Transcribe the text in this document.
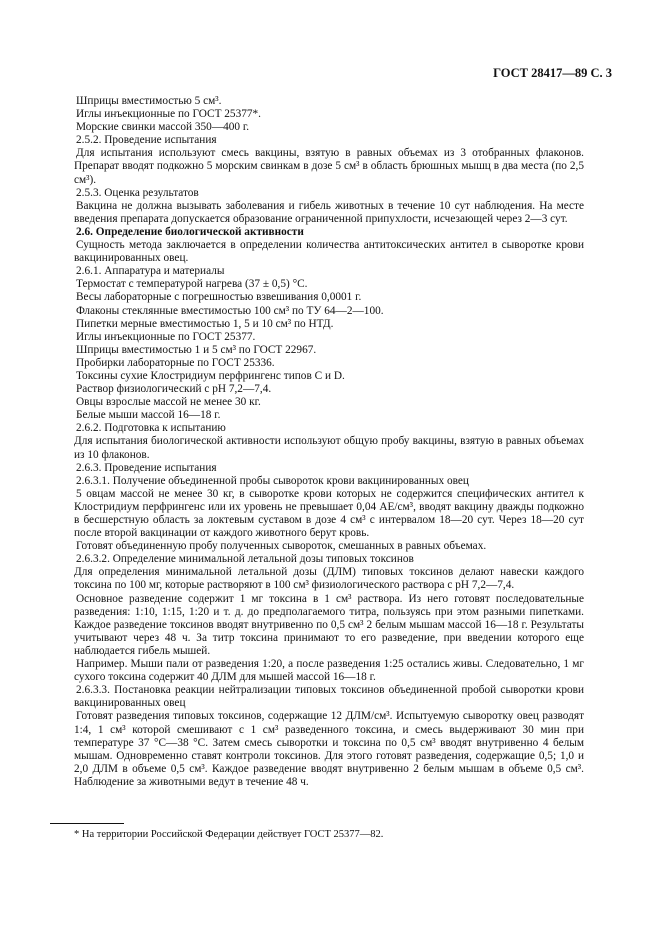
ГОСТ 28417—89 С. 3

Шприцы вместимостью 5 см³.

Иглы инъекционные по ГОСТ 25377*.

Морские свинки массой 350—400 г.

2.5.2. Проведение испытания

Для испытания используют смесь вакцины, взятую в равных объемах из 3 отобранных флаконов. Препарат вводят подкожно 5 морским свинкам в дозе 5 см³ в область брюшных мышц в два места (по 2,5 см³).

2.5.3. Оценка результатов

Вакцина не должна вызывать заболевания и гибель животных в течение 10 сут наблюдения. На месте введения препарата допускается образование ограниченной припухлости, исчезающей через 2—3 сут.

2.6. Определение биологической активности

Сущность метода заключается в определении количества антитоксических антител в сыворотке крови вакцинированных овец.

2.6.1. Аппаратура и материалы

Термостат с температурой нагрева (37 ± 0,5) °С.

Весы лабораторные с погрешностью взвешивания 0,0001 г.

Флаконы стеклянные вместимостью 100 см³ по ТУ 64—2—100.

Пипетки мерные вместимостью 1, 5 и 10 см³ по НТД.

Иглы инъекционные по ГОСТ 25377.

Шприцы вместимостью 1 и 5 см³ по ГОСТ 22967.

Пробирки лабораторные по ГОСТ 25336.

Токсины сухие Клостридиум перфрингенс типов С и D.

Раствор физиологический с pH 7,2—7,4.

Овцы взрослые массой не менее 30 кг.

Белые мыши массой 16—18 г.

2.6.2. Подготовка к испытанию

Для испытания биологической активности используют общую пробу вакцины, взятую в равных объемах из 10 флаконов.

2.6.3. Проведение испытания

2.6.3.1. Получение объединенной пробы сывороток крови вакцинированных овец

5 овцам массой не менее 30 кг, в сыворотке крови которых не содержится специфических антител к Клостридиум перфрингенс или их уровень не превышает 0,04 АЕ/см³, вводят вакцину дважды подкожно в бесшерстную область за локтевым суставом в дозе 4 см³ с интервалом 18—20 сут. Через 18—20 сут после второй вакцинации от каждого животного берут кровь.

Готовят объединенную пробу полученных сывороток, смешанных в равных объемах.

2.6.3.2. Определение минимальной летальной дозы типовых токсинов

Для определения минимальной летальной дозы (ДЛМ) типовых токсинов делают навески каждого токсина по 100 мг, которые растворяют в 100 см³ физиологического раствора с pH 7,2—7,4.

Основное разведение содержит 1 мг токсина в 1 см³ раствора. Из него готовят последовательные разведения: 1:10, 1:15, 1:20 и т. д. до предполагаемого титра, пользуясь при этом разными пипетками. Каждое разведение токсинов вводят внутривенно по 0,5 см³ 2 белым мышам массой 16—18 г. Результаты учитывают через 48 ч. За титр токсина принимают то его разведение, при введении которого еще наблюдается гибель мышей.

Например. Мыши пали от разведения 1:20, а после разведения 1:25 остались живы. Следовательно, 1 мг сухого токсина содержит 40 ДЛМ для мышей массой 16—18 г.

2.6.3.3. Постановка реакции нейтрализации типовых токсинов объединенной пробой сыворотки крови вакцинированных овец

Готовят разведения типовых токсинов, содержащие 12 ДЛМ/см³. Испытуемую сыворотку овец разводят 1:4, 1 см³ которой смешивают с 1 см³ разведенного токсина, и смесь выдерживают 30 мин при температуре 37 °С—38 °С. Затем смесь сыворотки и токсина по 0,5 см³ вводят внутривенно 4 белым мышам. Одновременно ставят контроли токсинов. Для этого готовят разведения, содержащие 0,5; 1,0 и 2,0 ДЛМ в объеме 0,5 см³. Каждое разведение вводят внутривенно 2 белым мышам в объеме 0,5 см³. Наблюдение за животными ведут в течение 48 ч.

* На территории Российской Федерации действует ГОСТ 25377—82.
